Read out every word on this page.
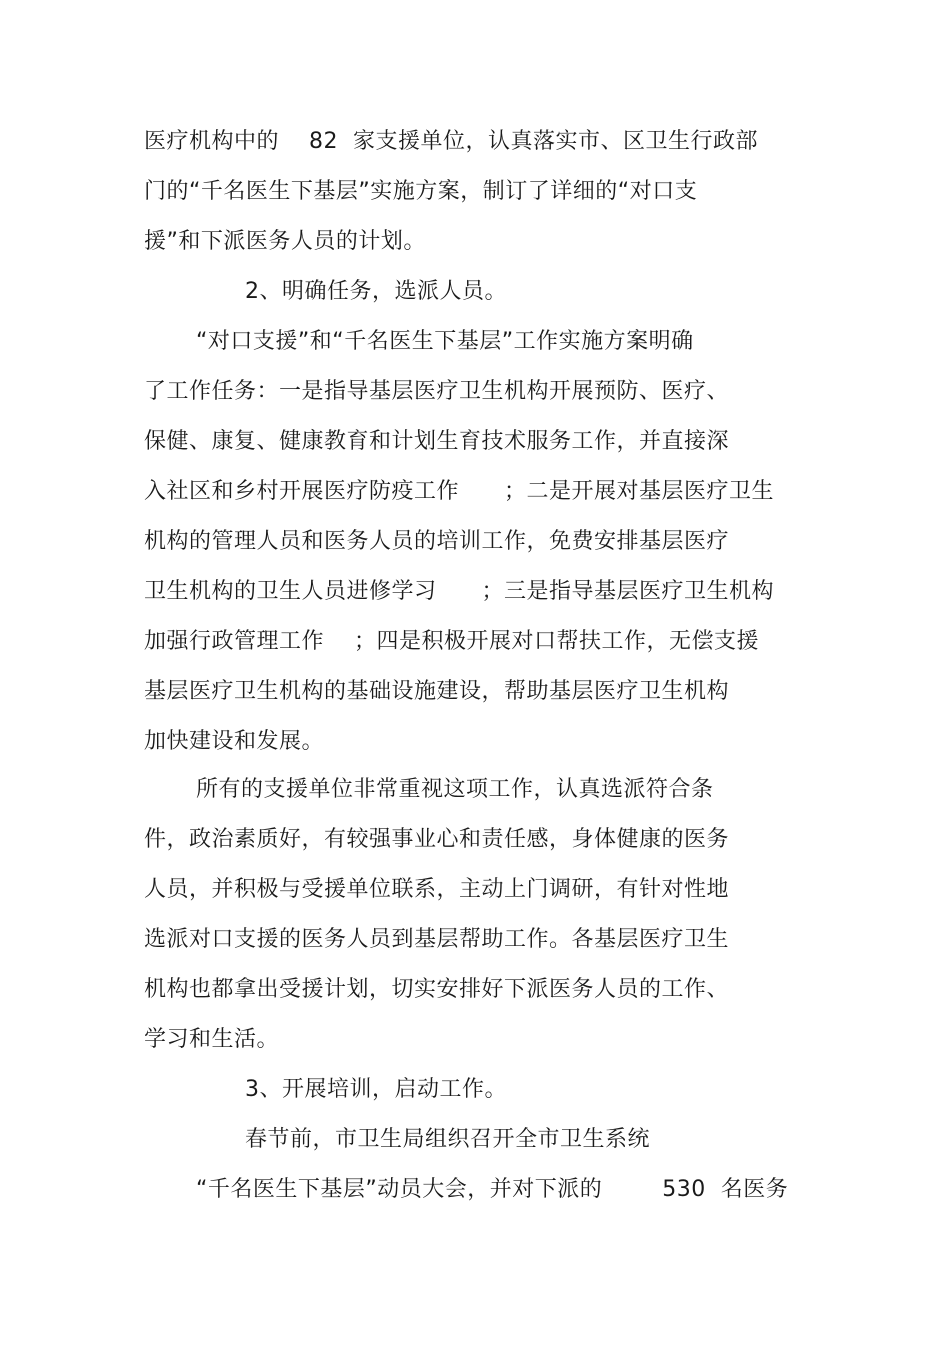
医疗机构中的    82  家支援单位，认真落实市、区卫生行政部
门的“千名医生下基层”实施方案，制订了详细的“对口支
援”和下派医务人员的计划。
2、明确任务，选派人员。
“对口支援”和“千名医生下基层”工作实施方案明确
了工作任务：一是指导基层医疗卫生机构开展预防、医疗、
保健、康复、健康教育和计划生育技术服务工作，并直接深
入社区和乡村开展医疗防疫工作      ；二是开展对基层医疗卫生
机构的管理人员和医务人员的培训工作，免费安排基层医疗
卫生机构的卫生人员进修学习      ；三是指导基层医疗卫生机构
加强行政管理工作    ；四是积极开展对口帮扶工作，无偿支援
基层医疗卫生机构的基础设施建设，帮助基层医疗卫生机构
加快建设和发展。
所有的支援单位非常重视这项工作，认真选派符合条
件，政治素质好，有较强事业心和责任感，身体健康的医务
人员，并积极与受援单位联系，主动上门调研，有针对性地
选派对口支援的医务人员到基层帮助工作。各基层医疗卫生
机构也都拿出受援计划，切实安排好下派医务人员的工作、
学习和生活。
3、开展培训，启动工作。
春节前，市卫生局组织召开全市卫生系统
“千名医生下基层”动员大会，并对下派的        530  名医务
